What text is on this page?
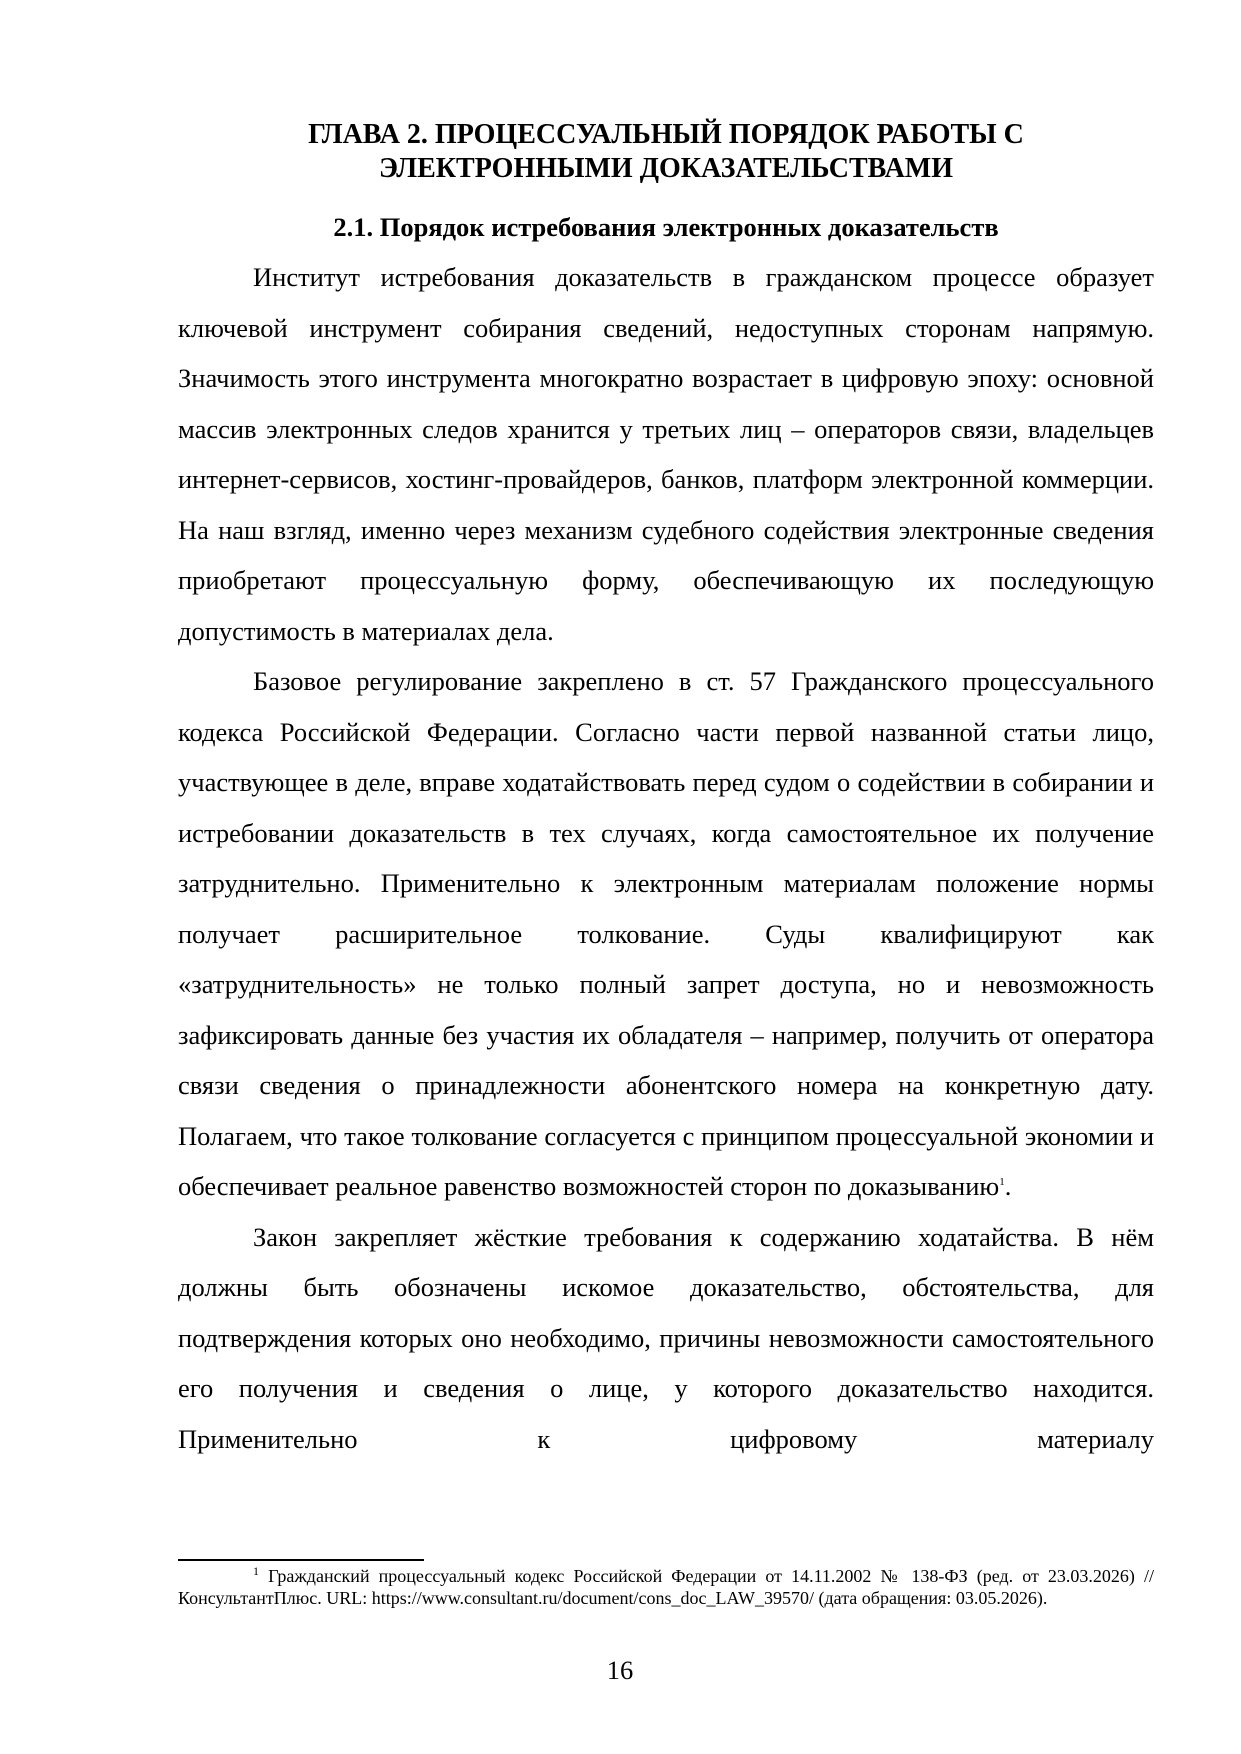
ГЛАВА 2. ПРОЦЕССУАЛЬНЫЙ ПОРЯДОК РАБОТЫ С
ЭЛЕКТРОННЫМИ ДОКАЗАТЕЛЬСТВАМИ
2.1. Порядок истребования электронных доказательств

Институт истребования доказательств в гражданском процессе образует ключевой инструмент собирания сведений, недоступных сторонам напрямую. Значимость этого инструмента многократно возрастает в цифровую эпоху: основной массив электронных следов хранится у третьих лиц – операторов связи, владельцев интернет-сервисов, хостинг-провайдеров, банков, платформ электронной коммерции. На наш взгляд, именно через механизм судебного содействия электронные сведения приобретают процессуальную форму, обеспечивающую их последующую допустимость в материалах дела.

Базовое регулирование закреплено в ст. 57 Гражданского процессуального кодекса Российской Федерации. Согласно части первой названной статьи лицо, участвующее в деле, вправе ходатайствовать перед судом о содействии в собирании и истребовании доказательств в тех случаях, когда самостоятельное их получение затруднительно. Применительно к электронным материалам положение нормы получает расширительное толкование. Суды квалифицируют как «затруднительность» не только полный запрет доступа, но и невозможность зафиксировать данные без участия их обладателя – например, получить от оператора связи сведения о принадлежности абонентского номера на конкретную дату. Полагаем, что такое толкование согласуется с принципом процессуальной экономии и обеспечивает реальное равенство возможностей сторон по доказыванию$^1$.

Закон закрепляет жёсткие требования к содержанию ходатайства. В нём должны быть обозначены искомое доказательство, обстоятельства, для подтверждения которых оно необходимо, причины невозможности самостоятельного его получения и сведения о лице, у которого доказательство находится. Применительно к цифровому материалу

$^1$ Гражданский процессуальный кодекс Российской Федерации от 14.11.2002 № 138-ФЗ (ред. от 23.03.2026) // КонсультантПлюс. URL: https://www.consultant.ru/document/cons_doc_LAW_39570/ (дата обращения: 03.05.2026).

16
